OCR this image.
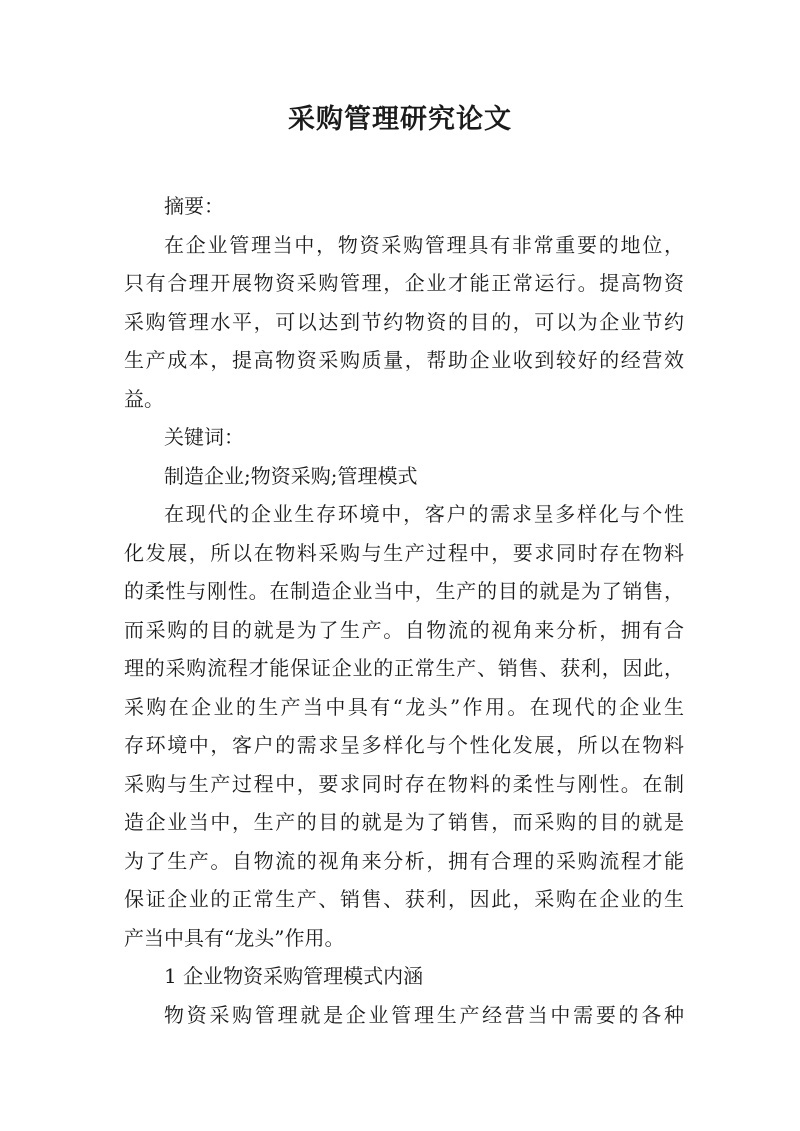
采购管理研究论文
摘要：
在企业管理当中，物资采购管理具有非常重要的地位，
只有合理开展物资采购管理，企业才能正常运行。提高物资
采购管理水平，可以达到节约物资的目的，可以为企业节约
生产成本，提高物资采购质量，帮助企业收到较好的经营效
益。
关键词：
制造企业;物资采购;管理模式
在现代的企业生存环境中，客户的需求呈多样化与个性
化发展，所以在物料采购与生产过程中，要求同时存在物料
的柔性与刚性。在制造企业当中，生产的目的就是为了销售，
而采购的目的就是为了生产。自物流的视角来分析，拥有合
理的采购流程才能保证企业的正常生产、销售、获利，因此，
采购在企业的生产当中具有“龙头”作用。在现代的企业生
存环境中，客户的需求呈多样化与个性化发展，所以在物料
采购与生产过程中，要求同时存在物料的柔性与刚性。在制
造企业当中，生产的目的就是为了销售，而采购的目的就是
为了生产。自物流的视角来分析，拥有合理的采购流程才能
保证企业的正常生产、销售、获利，因此，采购在企业的生
产当中具有“龙头”作用。
1 企业物资采购管理模式内涵
物资采购管理就是企业管理生产经营当中需要的各种
